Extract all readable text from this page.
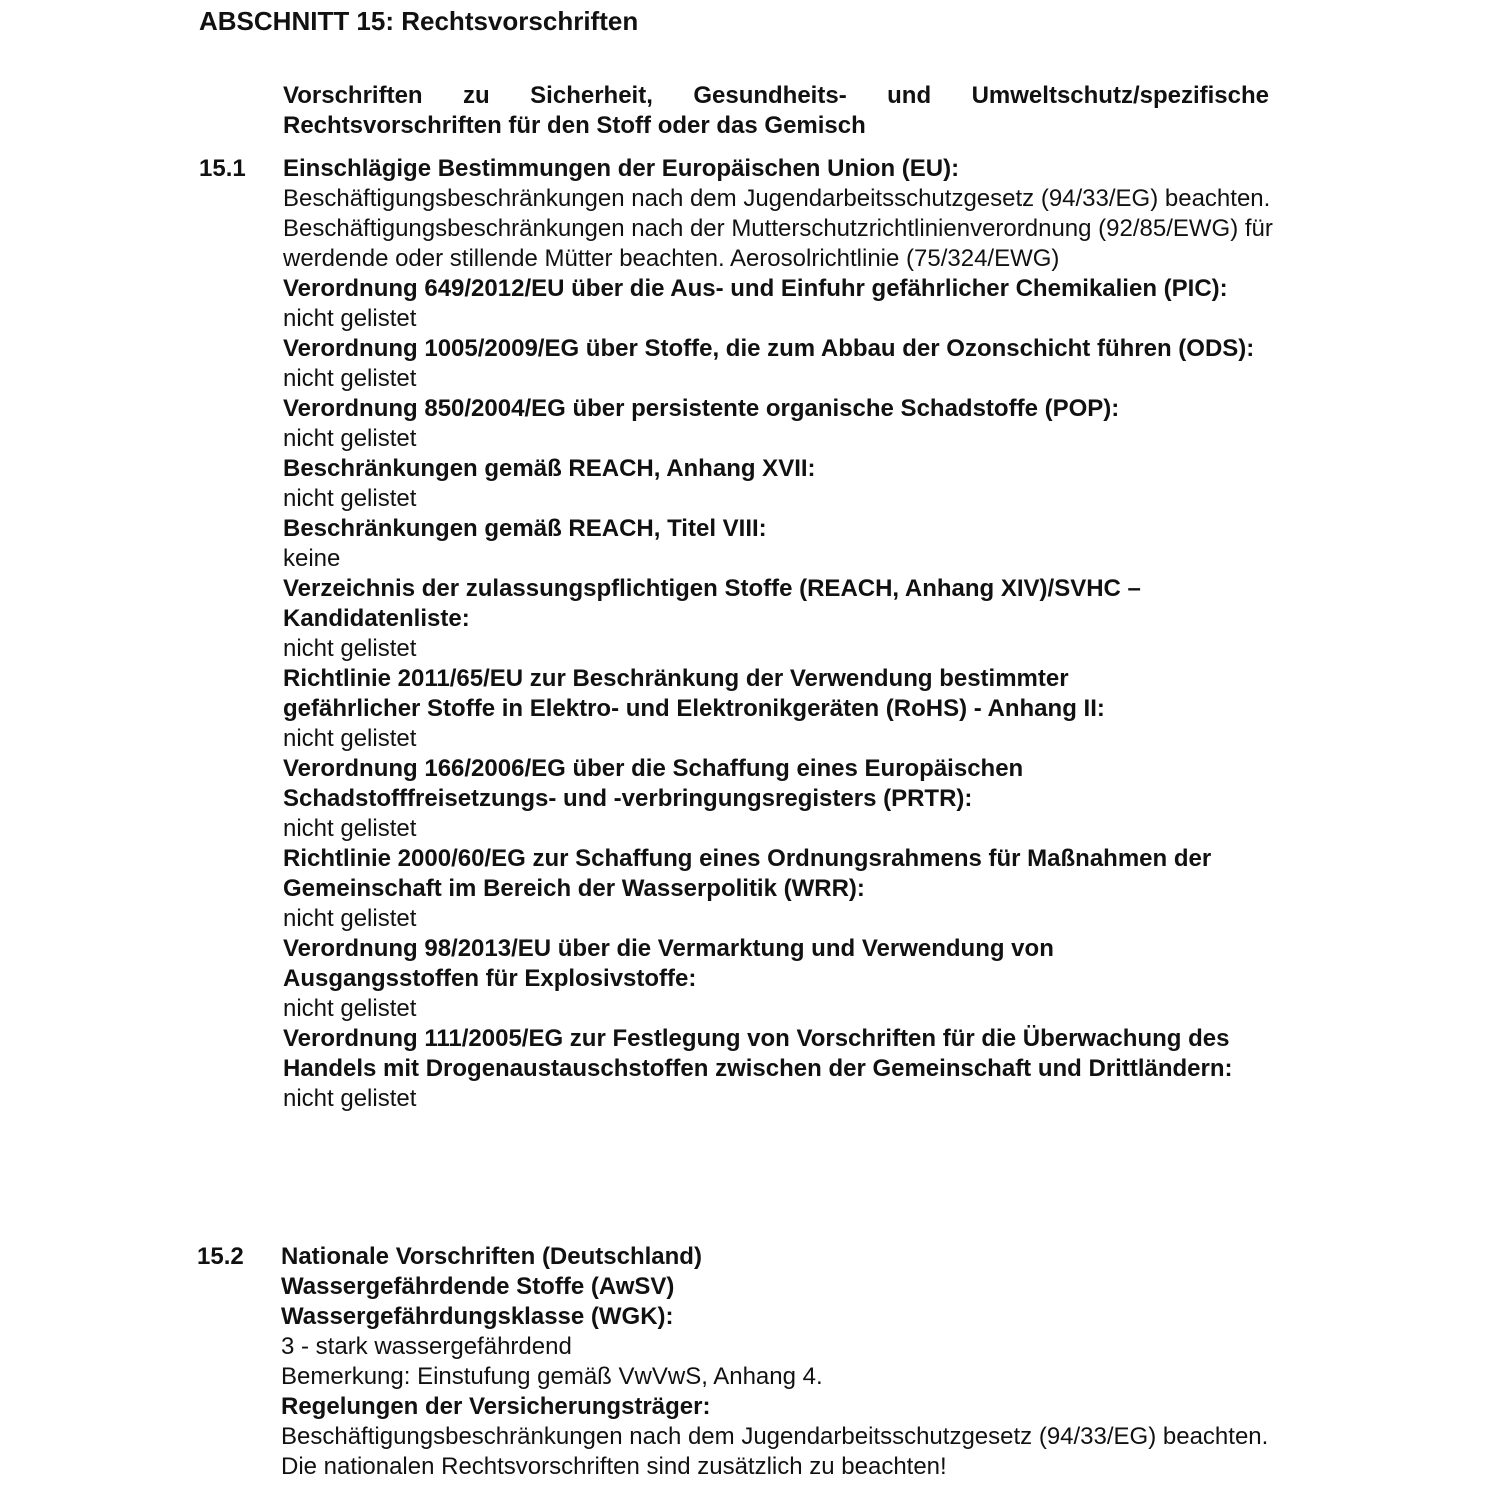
ABSCHNITT 15: Rechtsvorschriften
Vorschriften zu Sicherheit, Gesundheits- und Umweltschutz/spezifische Rechtsvorschriften für den Stoff oder das Gemisch
15.1 Einschlägige Bestimmungen der Europäischen Union (EU):
Beschäftigungsbeschränkungen nach dem Jugendarbeitsschutzgesetz (94/33/EG) beachten. Beschäftigungsbeschränkungen nach der Mutterschutzrichtlinienverordnung (92/85/EWG) für werdende oder stillende Mütter beachten. Aerosolrichtlinie (75/324/EWG)
Verordnung 649/2012/EU über die Aus- und Einfuhr gefährlicher Chemikalien (PIC):
nicht gelistet
Verordnung 1005/2009/EG über Stoffe, die zum Abbau der Ozonschicht führen (ODS):
nicht gelistet
Verordnung 850/2004/EG über persistente organische Schadstoffe (POP):
nicht gelistet
Beschränkungen gemäß REACH, Anhang XVII:
nicht gelistet
Beschränkungen gemäß REACH, Titel VIII:
keine
Verzeichnis der zulassungspflichtigen Stoffe (REACH, Anhang XIV)/SVHC – Kandidatenliste:
nicht gelistet
Richtlinie 2011/65/EU zur Beschränkung der Verwendung bestimmter gefährlicher Stoffe in Elektro- und Elektronikgeräten (RoHS) - Anhang II:
nicht gelistet
Verordnung 166/2006/EG über die Schaffung eines Europäischen Schadstofffreisetzungs- und -verbringungsregisters (PRTR):
nicht gelistet
Richtlinie 2000/60/EG zur Schaffung eines Ordnungsrahmens für Maßnahmen der Gemeinschaft im Bereich der Wasserpolitik (WRR):
nicht gelistet
Verordnung 98/2013/EU über die Vermarktung und Verwendung von Ausgangsstoffen für Explosivstoffe:
nicht gelistet
Verordnung 111/2005/EG zur Festlegung von Vorschriften für die Überwachung des Handels mit Drogenaustauschstoffen zwischen der Gemeinschaft und Drittländern:
nicht gelistet
15.2 Nationale Vorschriften (Deutschland)
Wassergefährdende Stoffe (AwSV)
Wassergefährdungsklasse (WGK):
3 - stark wassergefährdend
Bemerkung: Einstufung gemäß VwVwS, Anhang 4.
Regelungen der Versicherungsträger:
Beschäftigungsbeschränkungen nach dem Jugendarbeitsschutzgesetz (94/33/EG) beachten. Die nationalen Rechtsvorschriften sind zusätzlich zu beachten!
